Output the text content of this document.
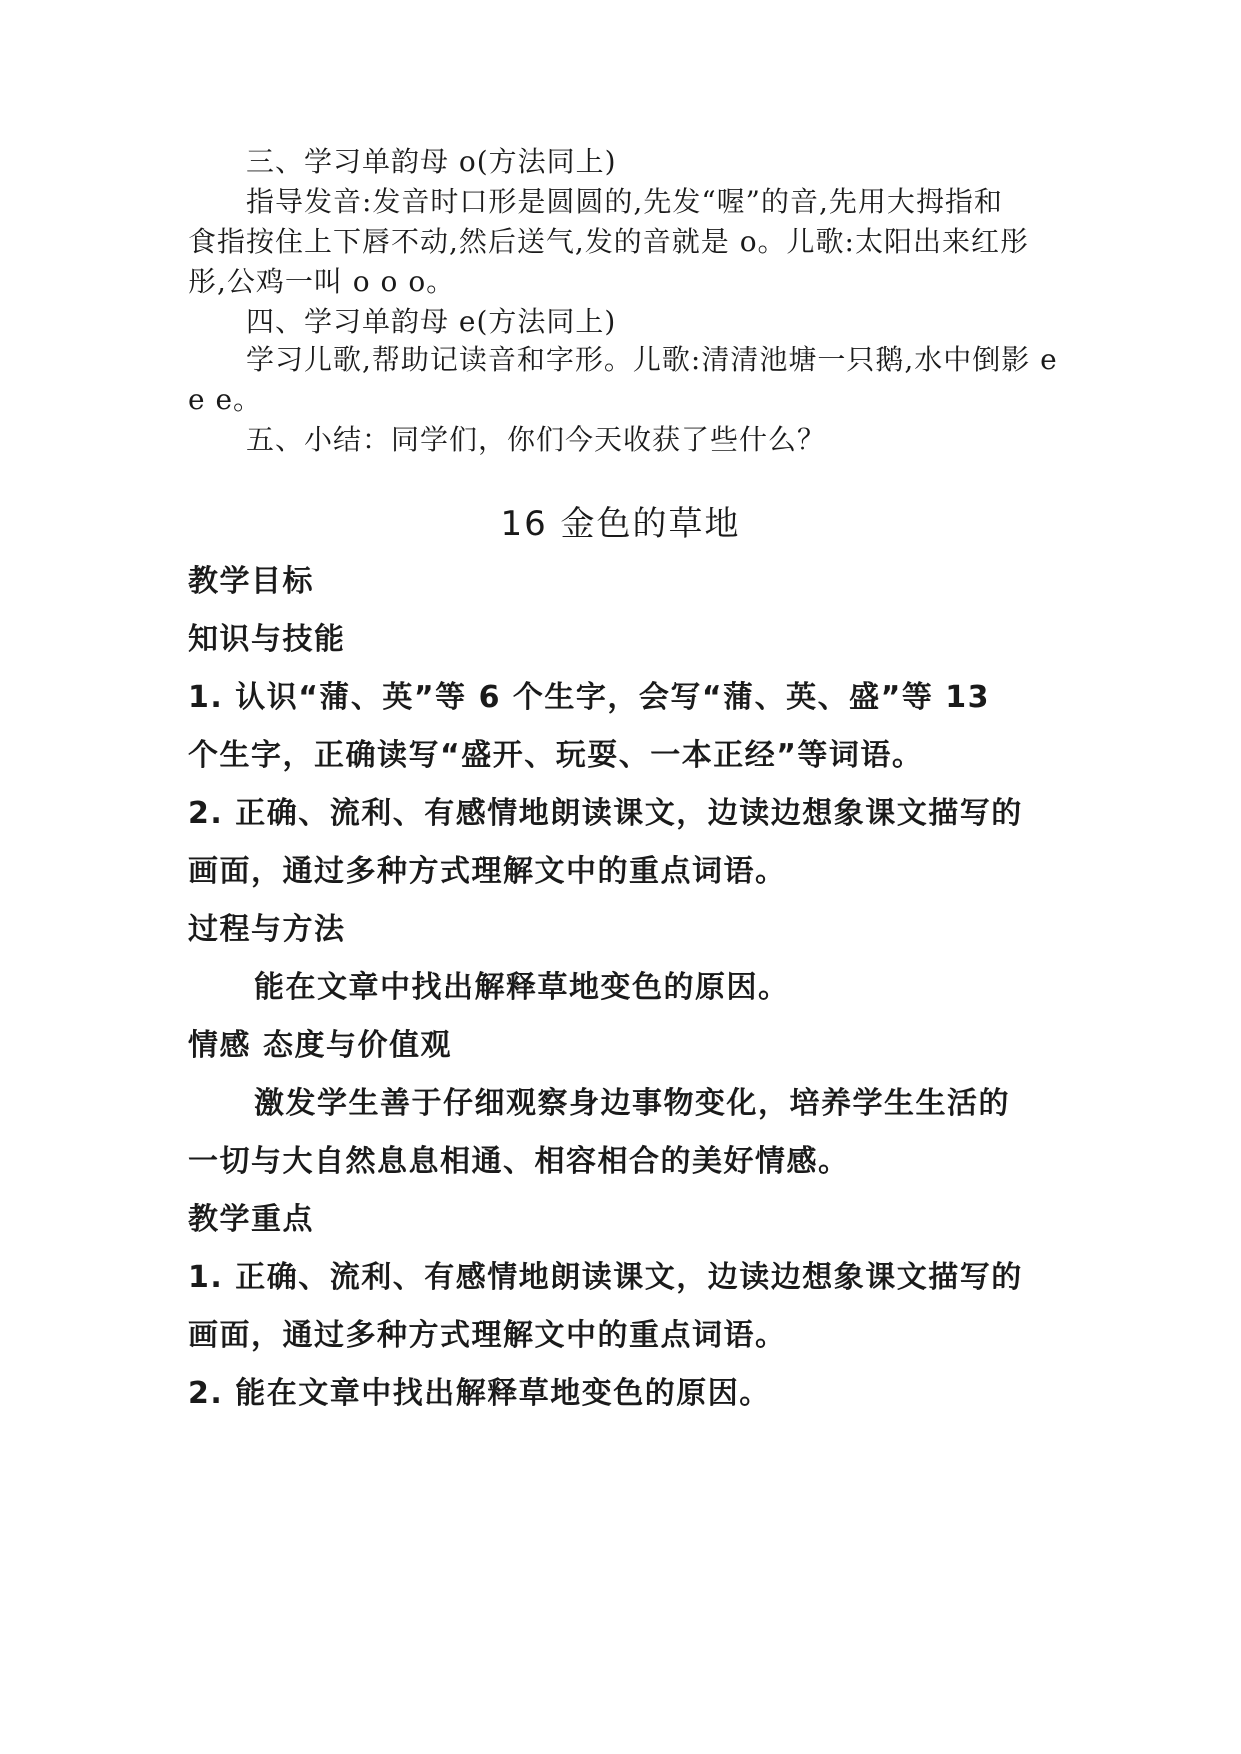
三、学习单韵母 o(方法同上)
指导发音:发音时口形是圆圆的,先发“喔”的音,先用大拇指和
食指按住上下唇不动,然后送气,发的音就是 o。儿歌:太阳出来红彤
彤,公鸡一叫 o o o。
四、学习单韵母 e(方法同上)
学习儿歌,帮助记读音和字形。儿歌:清清池塘一只鹅,水中倒影 e
e e。
五、小结：同学们，你们今天收获了些什么？
16 金色的草地
教学目标
知识与技能
1. 认识“蒲、英”等 6 个生字，会写“蒲、英、盛”等 13
个生字，正确读写“盛开、玩耍、一本正经”等词语。
2. 正确、流利、有感情地朗读课文，边读边想象课文描写的
画面，通过多种方式理解文中的重点词语。
过程与方法
能在文章中找出解释草地变色的原因。
情感 态度与价值观
激发学生善于仔细观察身边事物变化，培养学生生活的
一切与大自然息息相通、相容相合的美好情感。
教学重点
1. 正确、流利、有感情地朗读课文，边读边想象课文描写的
画面，通过多种方式理解文中的重点词语。
2. 能在文章中找出解释草地变色的原因。
